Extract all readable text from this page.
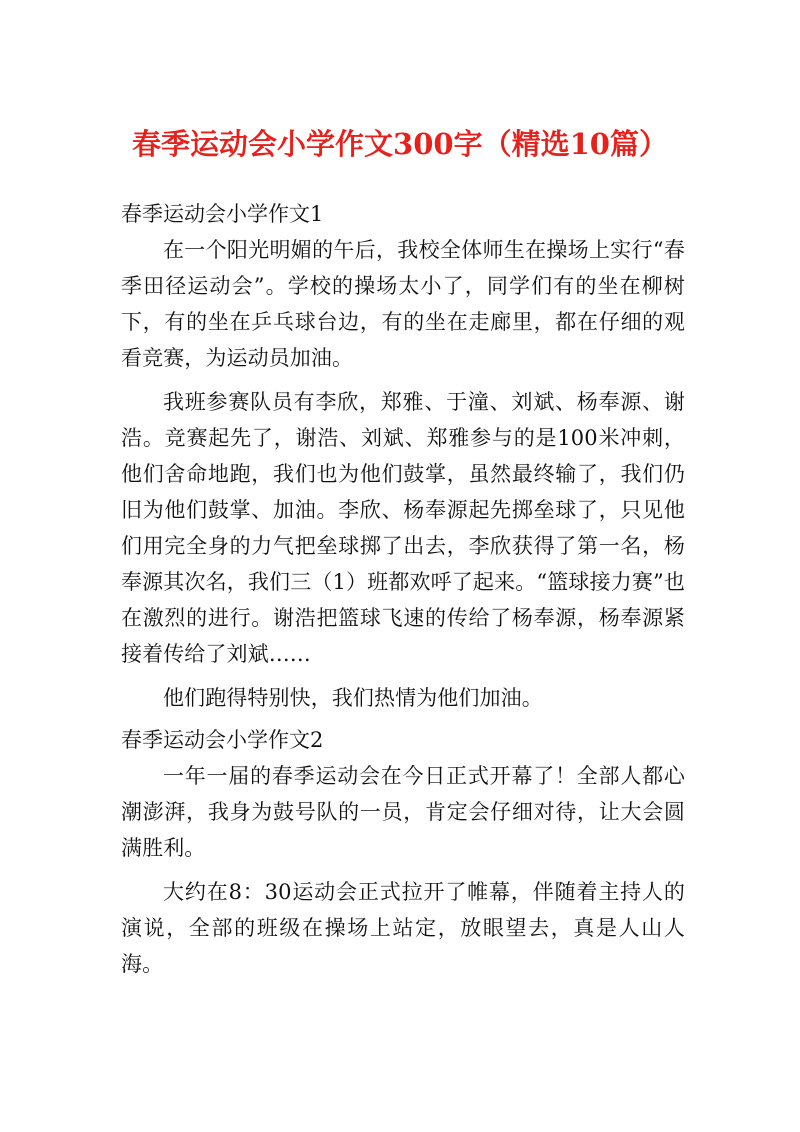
春季运动会小学作文300字（精选10篇）

春季运动会小学作文1

在一个阳光明媚的午后，我校全体师生在操场上实行“春季田径运动会”。学校的操场太小了，同学们有的坐在柳树下，有的坐在乒乓球台边，有的坐在走廊里，都在仔细的观看竞赛，为运动员加油。

我班参赛队员有李欣，郑雅、于潼、刘斌、杨奉源、谢浩。竞赛起先了，谢浩、刘斌、郑雅参与的是100米冲刺，他们舍命地跑，我们也为他们鼓掌，虽然最终输了，我们仍旧为他们鼓掌、加油。李欣、杨奉源起先掷垒球了，只见他们用完全身的力气把垒球掷了出去，李欣获得了第一名，杨奉源其次名，我们三（1）班都欢呼了起来。“篮球接力赛”也在激烈的进行。谢浩把篮球飞速的传给了杨奉源，杨奉源紧接着传给了刘斌……

他们跑得特别快，我们热情为他们加油。

春季运动会小学作文2

一年一届的春季运动会在今日正式开幕了！全部人都心潮澎湃，我身为鼓号队的一员，肯定会仔细对待，让大会圆满胜利。

大约在8：30运动会正式拉开了帷幕，伴随着主持人的演说，全部的班级在操场上站定，放眼望去，真是人山人海。
